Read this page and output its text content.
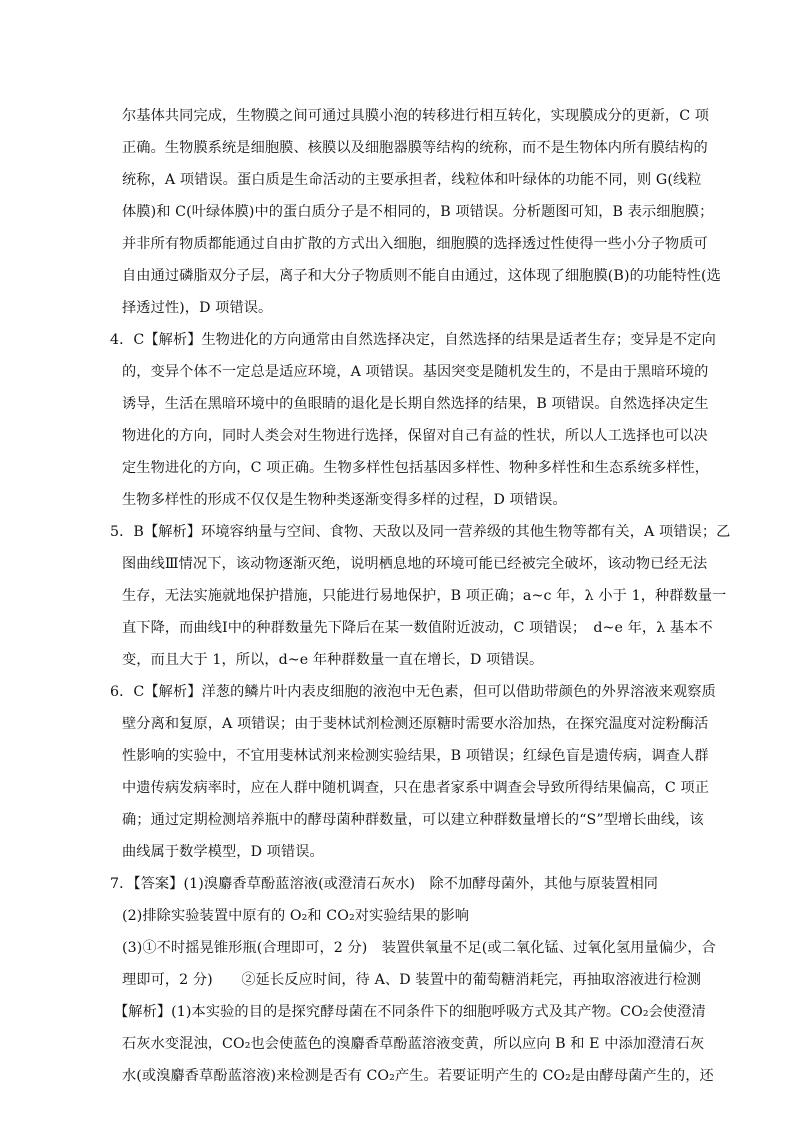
尔基体共同完成，生物膜之间可通过具膜小泡的转移进行相互转化，实现膜成分的更新，C 项
正确。生物膜系统是细胞膜、核膜以及细胞器膜等结构的统称，而不是生物体内所有膜结构的
统称，A 项错误。蛋白质是生命活动的主要承担者，线粒体和叶绿体的功能不同，则 G(线粒
体膜)和 C(叶绿体膜)中的蛋白质分子是不相同的，B 项错误。分析题图可知，B 表示细胞膜；
并非所有物质都能通过自由扩散的方式出入细胞，细胞膜的选择透过性使得一些小分子物质可
自由通过磷脂双分子层，离子和大分子物质则不能自由通过，这体现了细胞膜(B)的功能特性(选
择透过性)，D 项错误。
4．C【解析】生物进化的方向通常由自然选择决定，自然选择的结果是适者生存；变异是不定向
的，变异个体不一定总是适应环境，A 项错误。基因突变是随机发生的，不是由于黑暗环境的
诱导，生活在黑暗环境中的鱼眼睛的退化是长期自然选择的结果，B 项错误。自然选择决定生
物进化的方向，同时人类会对生物进行选择，保留对自己有益的性状，所以人工选择也可以决
定生物进化的方向，C 项正确。生物多样性包括基因多样性、物种多样性和生态系统多样性，
生物多样性的形成不仅仅是生物种类逐渐变得多样的过程，D 项错误。
5．B【解析】环境容纳量与空间、食物、天敌以及同一营养级的其他生物等都有关，A 项错误；乙
图曲线Ⅲ情况下，该动物逐渐灭绝，说明栖息地的环境可能已经被完全破坏，该动物已经无法
生存，无法实施就地保护措施，只能进行易地保护，B 项正确；a~c 年，λ 小于 1，种群数量一
直下降，而曲线Ⅰ中的种群数量先下降后在某一数值附近波动，C 项错误；　d~e 年，λ 基本不
变，而且大于 1，所以，d~e 年种群数量一直在增长，D 项错误。
6．C【解析】洋葱的鳞片叶内表皮细胞的液泡中无色素，但可以借助带颜色的外界溶液来观察质
壁分离和复原，A 项错误；由于斐林试剂检测还原糖时需要水浴加热，在探究温度对淀粉酶活
性影响的实验中，不宜用斐林试剂来检测实验结果，B 项错误；红绿色盲是遗传病，调查人群
中遗传病发病率时，应在人群中随机调查，只在患者家系中调查会导致所得结果偏高，C 项正
确；通过定期检测培养瓶中的酵母菌种群数量，可以建立种群数量增长的“S”型增长曲线，该
曲线属于数学模型，D 项错误。
7．【答案】(1)溴麝香草酚蓝溶液(或澄清石灰水)　除不加酵母菌外，其他与原装置相同
(2)排除实验装置中原有的 O₂和 CO₂对实验结果的影响
(3)①不时摇晃锥形瓶(合理即可，2 分)　装置供氧量不足(或二氧化锰、过氧化氢用量偏少，合
理即可，2 分)　　②延长反应时间，待 A、D 装置中的葡萄糖消耗完，再抽取溶液进行检测
【解析】(1)本实验的目的是探究酵母菌在不同条件下的细胞呼吸方式及其产物。CO₂会使澄清
石灰水变混浊，CO₂也会使蓝色的溴麝香草酚蓝溶液变黄，所以应向 B 和 E 中添加澄清石灰
水(或溴麝香草酚蓝溶液)来检测是否有 CO₂产生。若要证明产生的 CO₂是由酵母菌产生的，还
